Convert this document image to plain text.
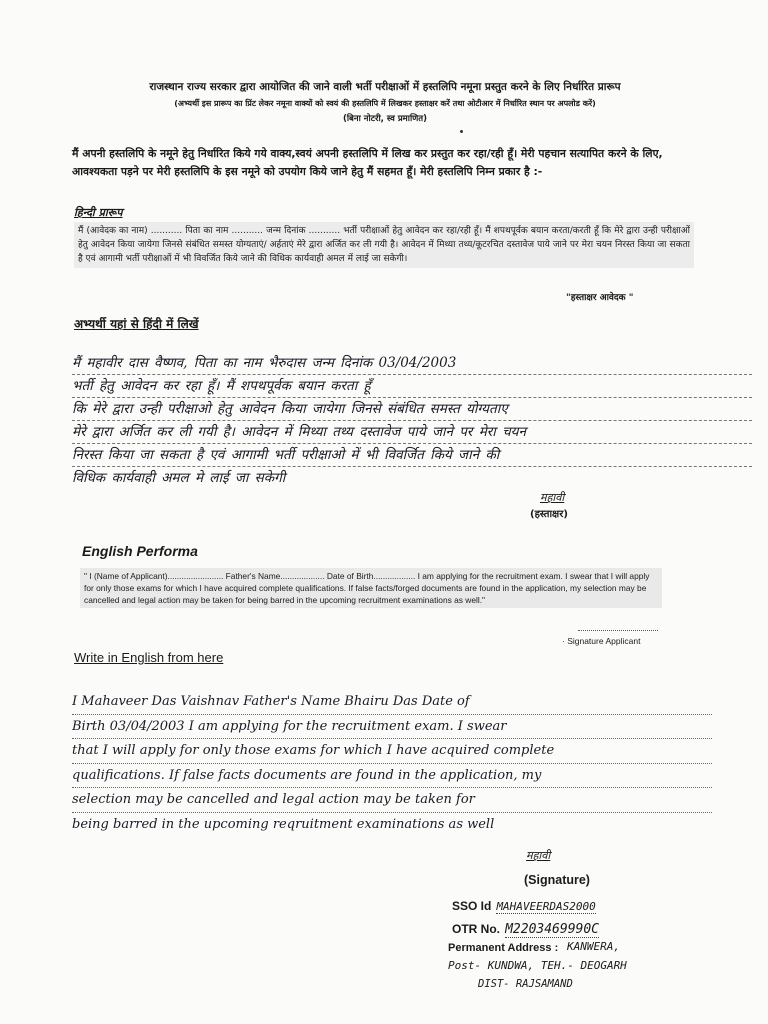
राजस्थान राज्य सरकार द्वारा आयोजित की जाने वाली भर्ती परीक्षाओं में हस्तलिपि नमूना प्रस्तुत करने के लिए निर्धारित प्रारूप
(अभ्यर्थी इस प्रारूप का प्रिंट लेकर नमूना वाक्यों को स्वयं की हस्तलिपि में लिखकर हस्ताक्षर करें तथा ओटीआर में निर्धारित स्थान पर अपलोड करें)
(बिना नोटरी, स्व प्रमाणित)
मैं अपनी हस्तलिपि के नमूने हेतु निर्धारित किये गये वाक्य,स्वयं अपनी हस्तलिपि में लिख कर प्रस्तुत कर रहा/रही हूँ। मेरी पहचान सत्यापित करने के लिए, आवश्यकता पड़ने पर मेरी हस्तलिपि के इस नमूने को उपयोग किये जाने हेतु मैं सहमत हूँ। मेरी हस्तलिपि निम्न प्रकार है :-
हिन्दी प्रारूप
मैं (आवेदक का नाम) ........... पिता का नाम ........... जन्म दिनांक ........... भर्ती परीक्षाओं हेतु आवेदन कर रहा/रही हूँ। मैं शपथपूर्वक बयान करता/करती हूँ कि मेरे द्वारा उन्ही परीक्षाओं हेतु आवेदन किया जायेगा जिनसे संबंधित समस्त योग्यताएं/ अर्हताएं मेरे द्वारा अर्जित कर ली गयी है। आवेदन में मिथ्या तथ्य/कूटरचित दस्तावेज पाये जाने पर मेरा चयन निरस्त किया जा सकता है एवं आगामी भर्ती परीक्षाओं में भी विवर्जित किये जाने की विधिक कार्यवाही अमल में लाई जा सकेगी।
"हस्ताक्षर आवेदक "
अभ्यर्थी यहां से हिंदी में लिखें
मैं महावीर दास वैष्णव, पिता का नाम भैरुदास जन्म दिनांक 03/04/2003
भर्ती हेतु आवेदन कर रहा हूँ। मैं शपथपूर्वक बयान करता हूँ
कि मेरे द्वारा उन्ही परीक्षाओ हेतु आवेदन किया जायेगा जिनसे संबंधित समस्त योग्यताए
मेरे द्वारा अर्जित कर ली गयी है। आवेदन में मिथ्या तथ्य दस्तावेज पाये जाने पर मेरा चयन
निरस्त किया जा सकता है एवं आगामी भर्ती परीक्षाओ में भी विवर्जित किये जाने की
विधिक कार्यवाही अमल मे लाई जा सकेगी
महावी
(हस्ताक्षर)
English Performa
" I (Name of Applicant)........................ Father's Name................... Date of Birth.................. I am applying for the recruitment exam. I swear that I will apply for only those exams for which I have acquired complete qualifications. If false facts/forged documents are found in the application, my selection may be cancelled and legal action may be taken for being barred in the upcoming recruitment examinations as well."
· Signature Applicant
Write in English from here
I Mahaveer Das Vaishnav Father's Name Bhairu Das Date of
Birth 03/04/2003 I am applying for the recruitment exam. I swear
that I will apply for only those exams for which I have acquired complete
qualifications. If false facts documents are found in the application, my
selection may be cancelled and legal action may be taken for
being barred in the upcoming reqruitment examinations as well
महावी
(Signature)
SSO Id MAHAVEERDAS2000
OTR No. M2203469990C
Permanent Address : KANWERA,
Post- KUNDWA, TEH.- DEOGARH
DIST- RAJSAMAND
